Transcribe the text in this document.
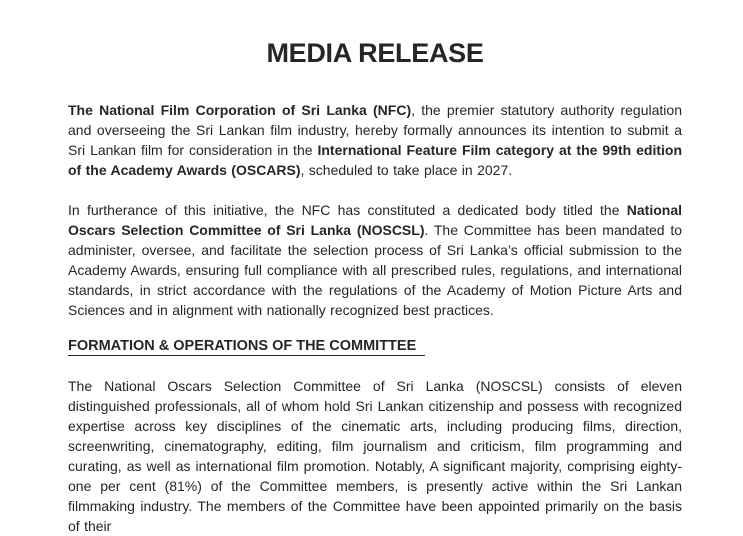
MEDIA RELEASE

The National Film Corporation of Sri Lanka (NFC), the premier statutory authority regulation and overseeing the Sri Lankan film industry, hereby formally announces its intention to submit a Sri Lankan film for consideration in the International Feature Film category at the 99th edition of the Academy Awards (OSCARS), scheduled to take place in 2027.

In furtherance of this initiative, the NFC has constituted a dedicated body titled the National Oscars Selection Committee of Sri Lanka (NOSCSL). The Committee has been mandated to administer, oversee, and facilitate the selection process of Sri Lanka’s official submission to the Academy Awards, ensuring full compliance with all prescribed rules, regulations, and international standards, in strict accordance with the regulations of the Academy of Motion Picture Arts and Sciences and in alignment with nationally recognized best practices.

FORMATION & OPERATIONS OF THE COMMITTEE

The National Oscars Selection Committee of Sri Lanka (NOSCSL) consists of eleven distinguished professionals, all of whom hold Sri Lankan citizenship and possess with recognized expertise across key disciplines of the cinematic arts, including producing films, direction, screenwriting, cinematography, editing, film journalism and criticism, film programming and curating, as well as international film promotion. Notably, A significant majority, comprising eighty-one per cent (81%) of the Committee members, is presently active within the Sri Lankan filmmaking industry. The members of the Committee have been appointed primarily on the basis of their
